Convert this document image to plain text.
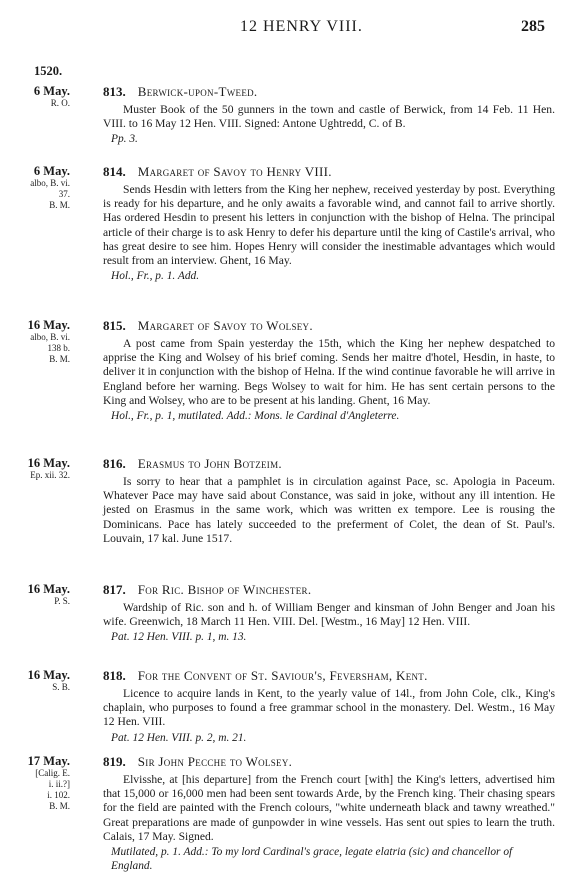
12 HENRY VIII.	285
1520.
6 May.
R. O.
813. Berwick-upon-Tweed.
Muster Book of the 50 gunners in the town and castle of Berwick, from 14 Feb. 11 Hen. VIII. to 16 May 12 Hen. VIII. Signed: Antone Ughtredd, C. of B.
Pp. 3.
6 May.
albo, B. vi.
37.
B. M.
814. Margaret of Savoy to Henry VIII.
Sends Hesdin with letters from the King her nephew, received yesterday by post. Everything is ready for his departure, and he only awaits a favorable wind, and cannot fail to arrive shortly. Has ordered Hesdin to present his letters in conjunction with the bishop of Helna. The principal article of their charge is to ask Henry to defer his departure until the king of Castile's arrival, who has great desire to see him. Hopes Henry will consider the inestimable advantages which would result from an interview. Ghent, 16 May.
Hol., Fr., p. 1. Add.
16 May.
albo, B. vi.
138 b.
B. M.
815. Margaret of Savoy to Wolsey.
A post came from Spain yesterday the 15th, which the King her nephew despatched to apprise the King and Wolsey of his brief coming. Sends her maitre d'hotel, Hesdin, in haste, to deliver it in conjunction with the bishop of Helna. If the wind continue favorable he will arrive in England before her warning. Begs Wolsey to wait for him. He has sent certain persons to the King and Wolsey, who are to be present at his landing. Ghent, 16 May.
Hol., Fr., p. 1, mutilated. Add.: Mons. le Cardinal d'Angleterre.
16 May.
Ep. xii. 32.
816. Erasmus to John Botzeim.
Is sorry to hear that a pamphlet is in circulation against Pace, sc. Apologia in Paceum. Whatever Pace may have said about Constance, was said in joke, without any ill intention. He jested on Erasmus in the same work, which was written ex tempore. Lee is rousing the Dominicans. Pace has lately succeeded to the preferment of Colet, the dean of St. Paul's. Louvain, 17 kal. June 1517.
16 May.
P. S.
817. For Ric. Bishop of Winchester.
Wardship of Ric. son and h. of William Benger and kinsman of John Benger and Joan his wife. Greenwich, 18 March 11 Hen. VIII. Del. [Westm., 16 May] 12 Hen. VIII.
Pat. 12 Hen. VIII. p. 1, m. 13.
16 May.
S. B.
818. For the Convent of St. Saviour's, Feversham, Kent.
Licence to acquire lands in Kent, to the yearly value of 14l., from John Cole, clk., King's chaplain, who purposes to found a free grammar school in the monastery. Del. Westm., 16 May 12 Hen. VIII.
Pat. 12 Hen. VIII. p. 2, m. 21.
17 May.
[Calig. E.
i. ii.?]
i. 102.
B. M.
819. Sir John Pecche to Wolsey.
Elvisshe, at [his departure] from the French court [with] the King's letters, advertised him that 15,000 or 16,000 men had been sent towards Arde, by the French king. Their chasing spears for the field are painted with the French colours, "white underneath black and tawny wreathed." Great preparations are made of gunpowder in wine vessels. Has sent out spies to learn the truth. Calais, 17 May. Signed.
Mutilated, p. 1. Add.: To my lord Cardinal's grace, legate elatria (sic) and chancellor of England.
